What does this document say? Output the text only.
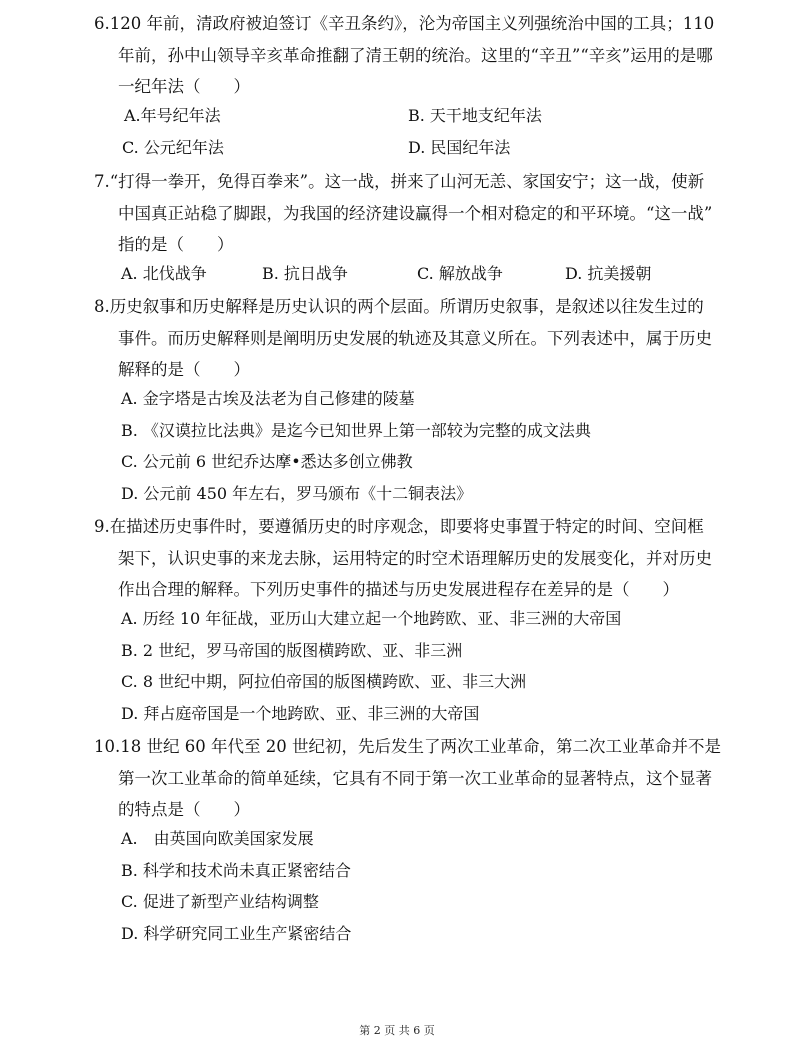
6.120 年前，清政府被迫签订《辛丑条约》，沦为帝国主义列强统治中国的工具；110
年前，孙中山领导辛亥革命推翻了清王朝的统治。这里的“辛丑”“辛亥”运用的是哪
一纪年法（　　）
A.年号纪年法	B. 天干地支纪年法
C. 公元纪年法	D. 民国纪年法
7.“打得一拳开，免得百拳来”。这一战，拼来了山河无恙、家国安宁；这一战，使新
中国真正站稳了脚跟，为我国的经济建设赢得一个相对稳定的和平环境。“这一战”
指的是（　　）
A. 北伐战争	B. 抗日战争	C. 解放战争	D. 抗美援朝
8.历史叙事和历史解释是历史认识的两个层面。所谓历史叙事，是叙述以往发生过的
事件。而历史解释则是阐明历史发展的轨迹及其意义所在。下列表述中，属于历史
解释的是（　　）
A. 金字塔是古埃及法老为自己修建的陵墓
B. 《汉谟拉比法典》是迄今已知世界上第一部较为完整的成文法典
C. 公元前 6 世纪乔达摩•悉达多创立佛教
D. 公元前 450 年左右，罗马颁布《十二铜表法》
9.在描述历史事件时，要遵循历史的时序观念，即要将史事置于特定的时间、空间框
架下，认识史事的来龙去脉，运用特定的时空术语理解历史的发展变化，并对历史
作出合理的解释。下列历史事件的描述与历史发展进程存在差异的是（　　）
A. 历经 10 年征战，亚历山大建立起一个地跨欧、亚、非三洲的大帝国
B. 2 世纪，罗马帝国的版图横跨欧、亚、非三洲
C. 8 世纪中期，阿拉伯帝国的版图横跨欧、亚、非三大洲
D. 拜占庭帝国是一个地跨欧、亚、非三洲的大帝国
10.18 世纪 60 年代至 20 世纪初，先后发生了两次工业革命，第二次工业革命并不是
第一次工业革命的简单延续，它具有不同于第一次工业革命的显著特点，这个显著
的特点是（　　）
A.　由英国向欧美国家发展
B. 科学和技术尚未真正紧密结合
C. 促进了新型产业结构调整
D. 科学研究同工业生产紧密结合
第 2 页 共 6 页
